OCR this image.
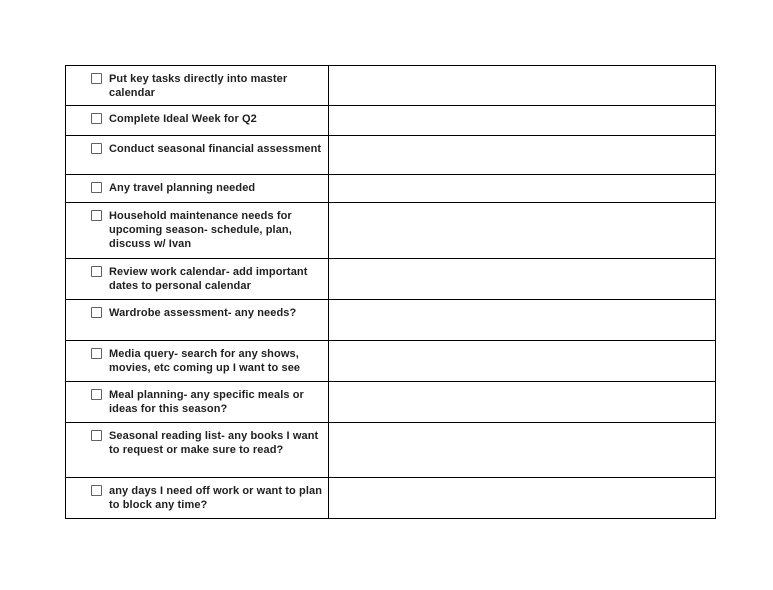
Put key tasks directly into master calendar	

Complete Ideal Week for Q2	

Conduct seasonal financial assessment	

Any travel planning needed	

Household maintenance needs for upcoming season- schedule, plan, discuss w/ Ivan	

Review work calendar- add important dates to personal calendar	

Wardrobe assessment- any needs?	

Media query- search for any shows, movies, etc coming up I want to see	

Meal planning- any specific meals or ideas for this season?	

Seasonal reading list- any books I want to request or make sure to read?	

any days I need off work or want to plan to block any time?	
